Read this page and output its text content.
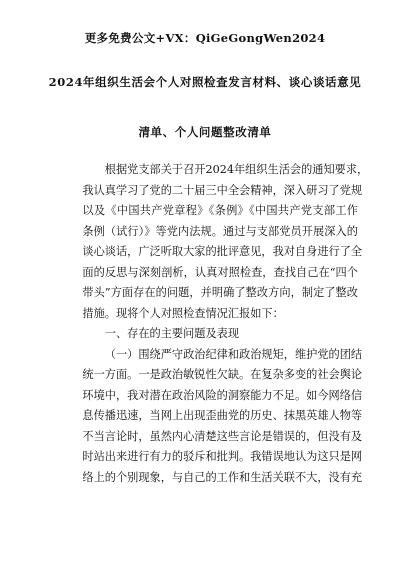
更多免费公文+VX：QiGeGongWen2024
2024年组织生活会个人对照检查发言材料、谈心谈话意见
清单、个人问题整改清单
根据党支部关于召开2024年组织生活会的通知要求，
我认真学习了党的二十届三中全会精神，深入研习了党规
以及《中国共产党章程》《条例》《中国共产党支部工作
条例（试行）》等党内法规。通过与支部党员开展深入的
谈心谈话，广泛听取大家的批评意见，我对自身进行了全
面的反思与深刻剖析，认真对照检查，查找自己在“四个
带头”方面存在的问题，并明确了整改方向，制定了整改
措施。现将个人对照检查情况汇报如下：
一、存在的主要问题及表现
（一）围绕严守政治纪律和政治规矩，维护党的团结
统一方面。一是政治敏锐性欠缺。在复杂多变的社会舆论
环境中，我对潜在政治风险的洞察能力不足。如今网络信
息传播迅速，当网上出现歪曲党的历史、抹黑英雄人物等
不当言论时，虽然内心清楚这些言论是错误的，但没有及
时站出来进行有力的驳斥和批判。我错误地认为这只是网
络上的个别现象，与自己的工作和生活关联不大，没有充
